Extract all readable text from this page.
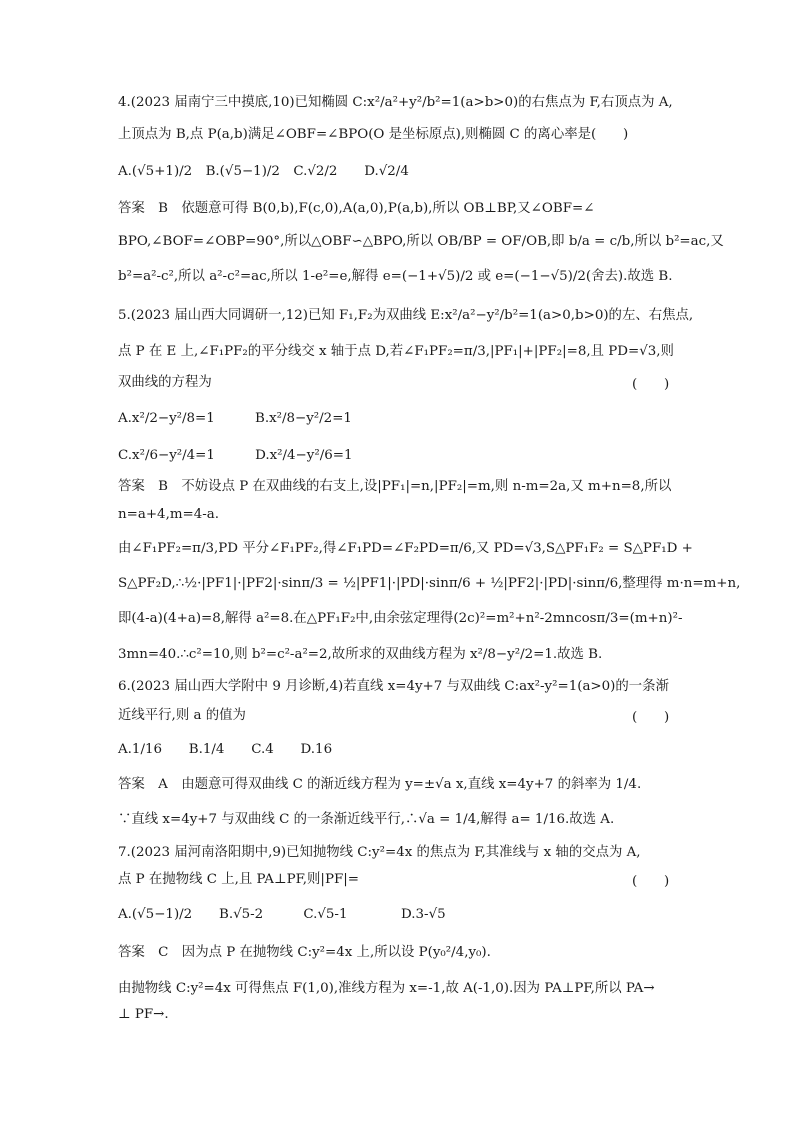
4.(2023 届南宁三中摸底,10)已知椭圆 C:x²/a²+y²/b²=1(a>b>0)的右焦点为 F,右顶点为 A,
上顶点为 B,点 P(a,b)满足∠OBF=∠BPO(O 是坐标原点),则椭圆 C 的离心率是(　　)
A.(√5+1)/2　B.(√5−1)/2　C.√2/2　　D.√2/4
答案　B　依题意可得 B(0,b),F(c,0),A(a,0),P(a,b),所以 OB⊥BP,又∠OBF=∠
BPO,∠BOF=∠OBP=90°,所以△OBF∽△BPO,所以 OB/BP = OF/OB,即 b/a = c/b,所以 b²=ac,又
b²=a²-c²,所以 a²-c²=ac,所以 1-e²=e,解得 e=(−1+√5)/2 或 e=(−1−√5)/2(舍去).故选 B.
5.(2023 届山西大同调研一,12)已知 F₁,F₂为双曲线 E:x²/a²−y²/b²=1(a>0,b>0)的左、右焦点,
点 P 在 E 上,∠F₁PF₂的平分线交 x 轴于点 D,若∠F₁PF₂=π/3,|PF₁|+|PF₂|=8,且 PD=√3,则
双曲线的方程为
A.x²/2−y²/8=1　　　B.x²/8−y²/2=1
C.x²/6−y²/4=1　　　D.x²/4−y²/6=1
答案　B　不妨设点 P 在双曲线的右支上,设|PF₁|=n,|PF₂|=m,则 n-m=2a,又 m+n=8,所以
n=a+4,m=4-a.
由∠F₁PF₂=π/3,PD 平分∠F₁PF₂,得∠F₁PD=∠F₂PD=π/6,又 PD=√3,S△PF₁F₂ = S△PF₁D +
S△PF₂D,∴½·|PF1|·|PF2|·sinπ/3 = ½|PF1|·|PD|·sinπ/6 + ½|PF2|·|PD|·sinπ/6,整理得 m·n=m+n,
即(4-a)(4+a)=8,解得 a²=8.在△PF₁F₂中,由余弦定理得(2c)²=m²+n²-2mncosπ/3=(m+n)²-
3mn=40.∴c²=10,则 b²=c²-a²=2,故所求的双曲线方程为 x²/8−y²/2=1.故选 B.
6.(2023 届山西大学附中 9 月诊断,4)若直线 x=4y+7 与双曲线 C:ax²-y²=1(a>0)的一条渐
近线平行,则 a 的值为
A.1/16　　B.1/4　　C.4　　D.16
答案　A　由题意可得双曲线 C 的渐近线方程为 y=±√a x,直线 x=4y+7 的斜率为 1/4.
∵直线 x=4y+7 与双曲线 C 的一条渐近线平行,∴√a = 1/4,解得 a= 1/16.故选 A.
7.(2023 届河南洛阳期中,9)已知抛物线 C:y²=4x 的焦点为 F,其准线与 x 轴的交点为 A,
点 P 在抛物线 C 上,且 PA⊥PF,则|PF|=
A.(√5−1)/2　　B.√5-2　　　C.√5-1　　　　D.3-√5
答案　C　因为点 P 在抛物线 C:y²=4x 上,所以设 P(y₀²/4,y₀).
由抛物线 C:y²=4x 可得焦点 F(1,0),准线方程为 x=-1,故 A(-1,0).因为 PA⊥PF,所以 PA→
⊥ PF→.
(　　)
(　　)
(　　)
